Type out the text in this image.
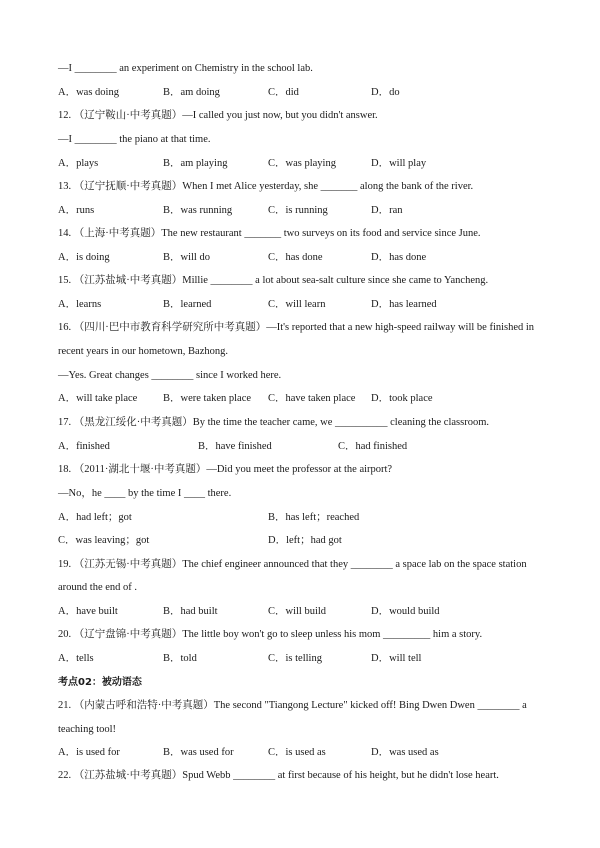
—I ________ an experiment on Chemistry in the school lab.
A．was doing	B．am doing	C．did	D．do
12. （辽宁鞍山·中考真题）—I called you just now, but you didn't answer.
—I ________ the piano at that time.
A．plays	B．am playing	C．was playing	D．will play
13. （辽宁抚顺·中考真题）When I met Alice yesterday, she _______ along the bank of the river.
A．runs	B．was running	C．is running	D．ran
14. （上海·中考真题）The new restaurant _______ two surveys on its food and service since June.
A．is doing	B．will do	C．has done	D．has done
15. （江苏盐城·中考真题）Millie ________ a lot about sea-salt culture since she came to Yancheng.
A．learns	B．learned	C．will learn	D．has learned
16. （四川·巴中市教育科学研究所中考真题）—It's reported that a new high-speed railway will be finished in
recent years in our hometown, Bazhong.
—Yes. Great changes ________ since I worked here.
A．will take place B．were taken place C．have taken place D．took place
17. （黑龙江绥化·中考真题）By the time the teacher came, we __________ cleaning the classroom.
A．finished	B．have finished	C．had finished
18. （2011·湖北十堰·中考真题）—Did you meet the professor at the airport?
—No，he ____ by the time I ____ there.
A．had left；got	B．has left；reached
C．was leaving；got	D．left；had got
19. （江苏无锡·中考真题）The chief engineer announced that they ________ a space lab on the space station
around the end of .
A．have built	B．had built	C．will build	D．would build
20. （辽宁盘锦·中考真题）The little boy won't go to sleep unless his mom _________ him a story.
A．tells	B．told	C．is telling	D．will tell
考点02：被动语态
21. （内蒙古呼和浩特·中考真题）The second "Tiangong Lecture" kicked off! Bing Dwen Dwen ________ a
teaching tool!
A．is used for	B．was used for	C．is used as	D．was used as
22. （江苏盐城·中考真题）Spud Webb ________ at first because of his height, but he didn't lose heart.
